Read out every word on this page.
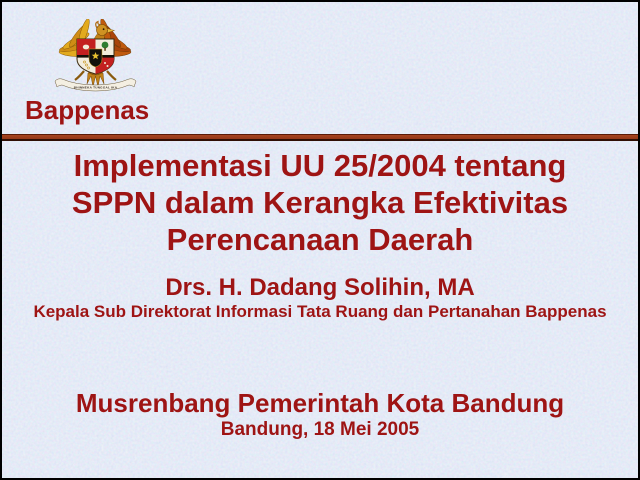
BHINNEKA TUNGGAL IKA
Bappenas
Implementasi UU 25/2004 tentang
SPPN dalam Kerangka Efektivitas
Perencanaan Daerah
Drs. H. Dadang Solihin, MA
Kepala Sub Direktorat Informasi Tata Ruang dan Pertanahan Bappenas
Musrenbang Pemerintah Kota Bandung
Bandung, 18 Mei 2005
